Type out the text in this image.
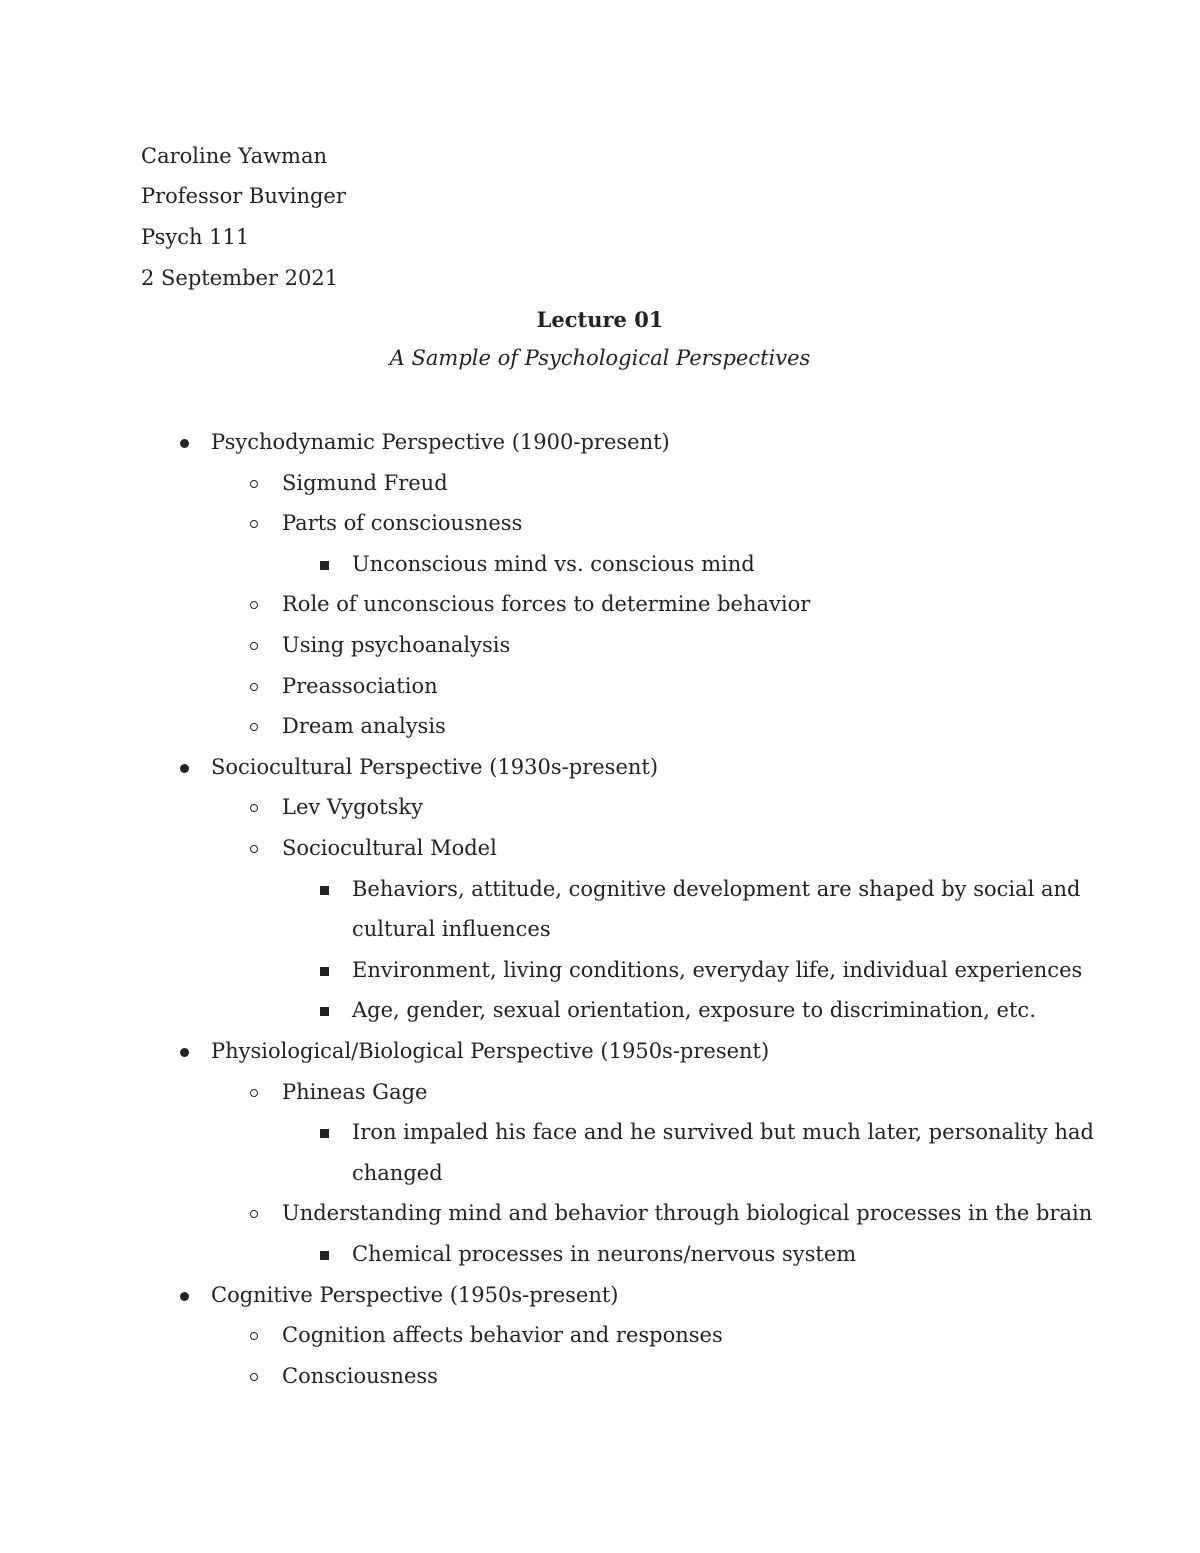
Caroline Yawman
Professor Buvinger
Psych 111
2 September 2021
Lecture 01
A Sample of Psychological Perspectives
Psychodynamic Perspective (1900-present)
Sigmund Freud
Parts of consciousness
Unconscious mind vs. conscious mind
Role of unconscious forces to determine behavior
Using psychoanalysis
Preassociation
Dream analysis
Sociocultural Perspective (1930s-present)
Lev Vygotsky
Sociocultural Model
Behaviors, attitude, cognitive development are shaped by social and
cultural influences
Environment, living conditions, everyday life, individual experiences
Age, gender, sexual orientation, exposure to discrimination, etc.
Physiological/Biological Perspective (1950s-present)
Phineas Gage
Iron impaled his face and he survived but much later, personality had
changed
Understanding mind and behavior through biological processes in the brain
Chemical processes in neurons/nervous system
Cognitive Perspective (1950s-present)
Cognition affects behavior and responses
Consciousness
